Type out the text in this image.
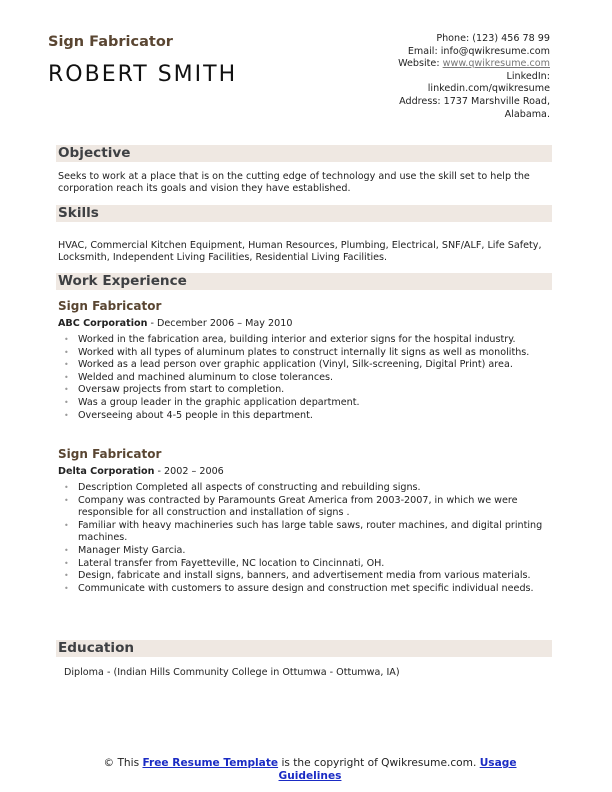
Sign Fabricator
ROBERT SMITH
Phone: (123) 456 78 99
Email: info@qwikresume.com
Website: www.qwikresume.com
LinkedIn:
linkedin.com/qwikresume
Address: 1737 Marshville Road,
Alabama.
Objective
Seeks to work at a place that is on the cutting edge of technology and use the skill set to help the corporation reach its goals and vision they have established.
Skills
HVAC, Commercial Kitchen Equipment, Human Resources, Plumbing, Electrical, SNF/ALF, Life Safety, Locksmith, Independent Living Facilities, Residential Living Facilities.
Work Experience
Sign Fabricator
ABC Corporation - December 2006 – May 2010
• Worked in the fabrication area, building interior and exterior signs for the hospital industry.
• Worked with all types of aluminum plates to construct internally lit signs as well as monoliths.
• Worked as a lead person over graphic application (Vinyl, Silk-screening, Digital Print) area.
• Welded and machined aluminum to close tolerances.
• Oversaw projects from start to completion.
• Was a group leader in the graphic application department.
• Overseeing about 4-5 people in this department.
Sign Fabricator
Delta Corporation - 2002 – 2006
• Description Completed all aspects of constructing and rebuilding signs.
• Company was contracted by Paramounts Great America from 2003-2007, in which we were responsible for all construction and installation of signs .
• Familiar with heavy machineries such has large table saws, router machines, and digital printing machines.
• Manager Misty Garcia.
• Lateral transfer from Fayetteville, NC location to Cincinnati, OH.
• Design, fabricate and install signs, banners, and advertisement media from various materials.
• Communicate with customers to assure design and construction met specific individual needs.
Education
Diploma - (Indian Hills Community College in Ottumwa - Ottumwa, IA)
© This Free Resume Template is the copyright of Qwikresume.com. Usage Guidelines
